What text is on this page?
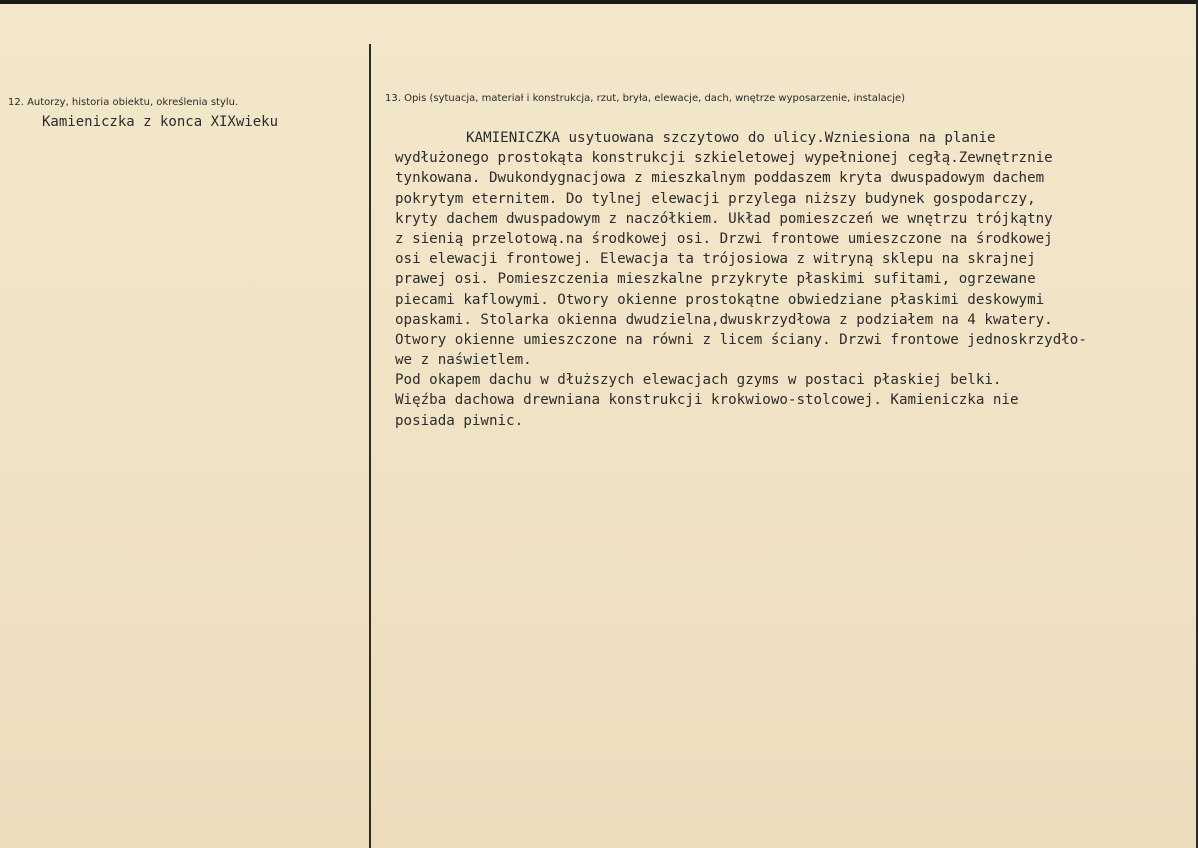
12. Autorzy, historia obiektu, określenia stylu.
Kamieniczka z konca XIXwieku
13. Opis (sytuacja, materiał i konstrukcja, rzut, bryła, elewacje, dach, wnętrze wyposarzenie, instalacje)
KAMIENICZKA usytuowana szczytowo do ulicy.Wzniesiona na planie
wydłużonego prostokąta konstrukcji szkieletowej wypełnionej cegłą.Zewnętrznie
tynkowana. Dwukondygnacjowa z mieszkalnym poddaszem kryta dwuspadowym dachem
pokrytym eternitem. Do tylnej elewacji przylega niższy budynek gospodarczy,
kryty dachem dwuspadowym z naczółkiem. Układ pomieszczeń we wnętrzu trójkątny
z sienią przelotową.na środkowej osi. Drzwi frontowe umieszczone na środkowej
osi elewacji frontowej. Elewacja ta trójosiowa z witryną sklepu na skrajnej
prawej osi. Pomieszczenia mieszkalne przykryte płaskimi sufitami, ogrzewane
piecami kaflowymi. Otwory okienne prostokątne obwiedziane płaskimi deskowymi
opaskami. Stolarka okienna dwudzielna,dwuskrzydłowa z podziałem na 4 kwatery.
Otwory okienne umieszczone na równi z licem ściany. Drzwi frontowe jednoskrzydło-
we z naświetlem.
Pod okapem dachu w dłuższych elewacjach gzyms w postaci płaskiej belki.
Więźba dachowa drewniana konstrukcji krokwiowo-stolcowej. Kamieniczka nie
posiada piwnic.
